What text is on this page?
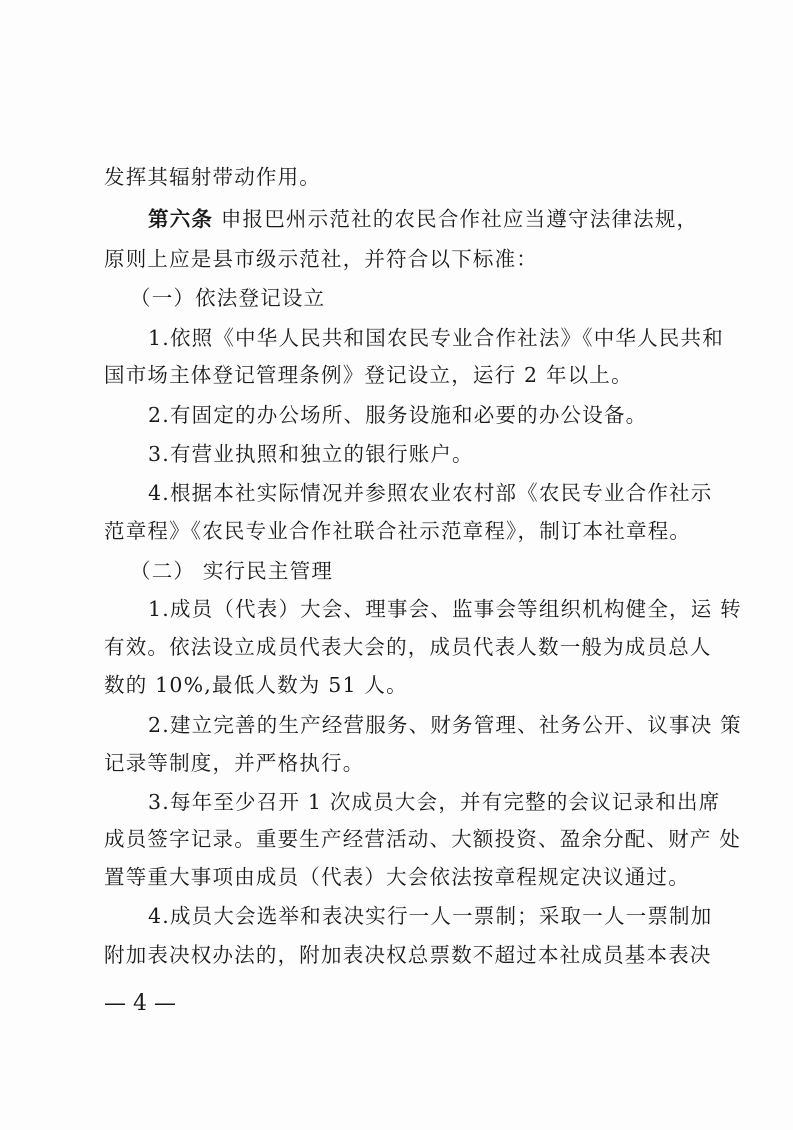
发挥其辐射带动作用。
第六条 申报巴州示范社的农民合作社应当遵守法律法规，
原则上应是县市级示范社，并符合以下标准：
（一）依法登记设立
1.依照《中华人民共和国农民专业合作社法》《中华人民共和
国市场主体登记管理条例》登记设立，运行 2 年以上。
2.有固定的办公场所、服务设施和必要的办公设备。
3.有营业执照和独立的银行账户。
4.根据本社实际情况并参照农业农村部《农民专业合作社示
范章程》《农民专业合作社联合社示范章程》，制订本社章程。
（二） 实行民主管理
1.成员（代表）大会、理事会、监事会等组织机构健全，运 转
有效。依法设立成员代表大会的，成员代表人数一般为成员总人
数的 10%,最低人数为 51 人。
2.建立完善的生产经营服务、财务管理、社务公开、议事决 策
记录等制度，并严格执行。
3.每年至少召开 1 次成员大会，并有完整的会议记录和出席
成员签字记录。重要生产经营活动、大额投资、盈余分配、财产 处
置等重大事项由成员（代表）大会依法按章程规定决议通过。
4.成员大会选举和表决实行一人一票制；采取一人一票制加
附加表决权办法的，附加表决权总票数不超过本社成员基本表决
— 4 —
